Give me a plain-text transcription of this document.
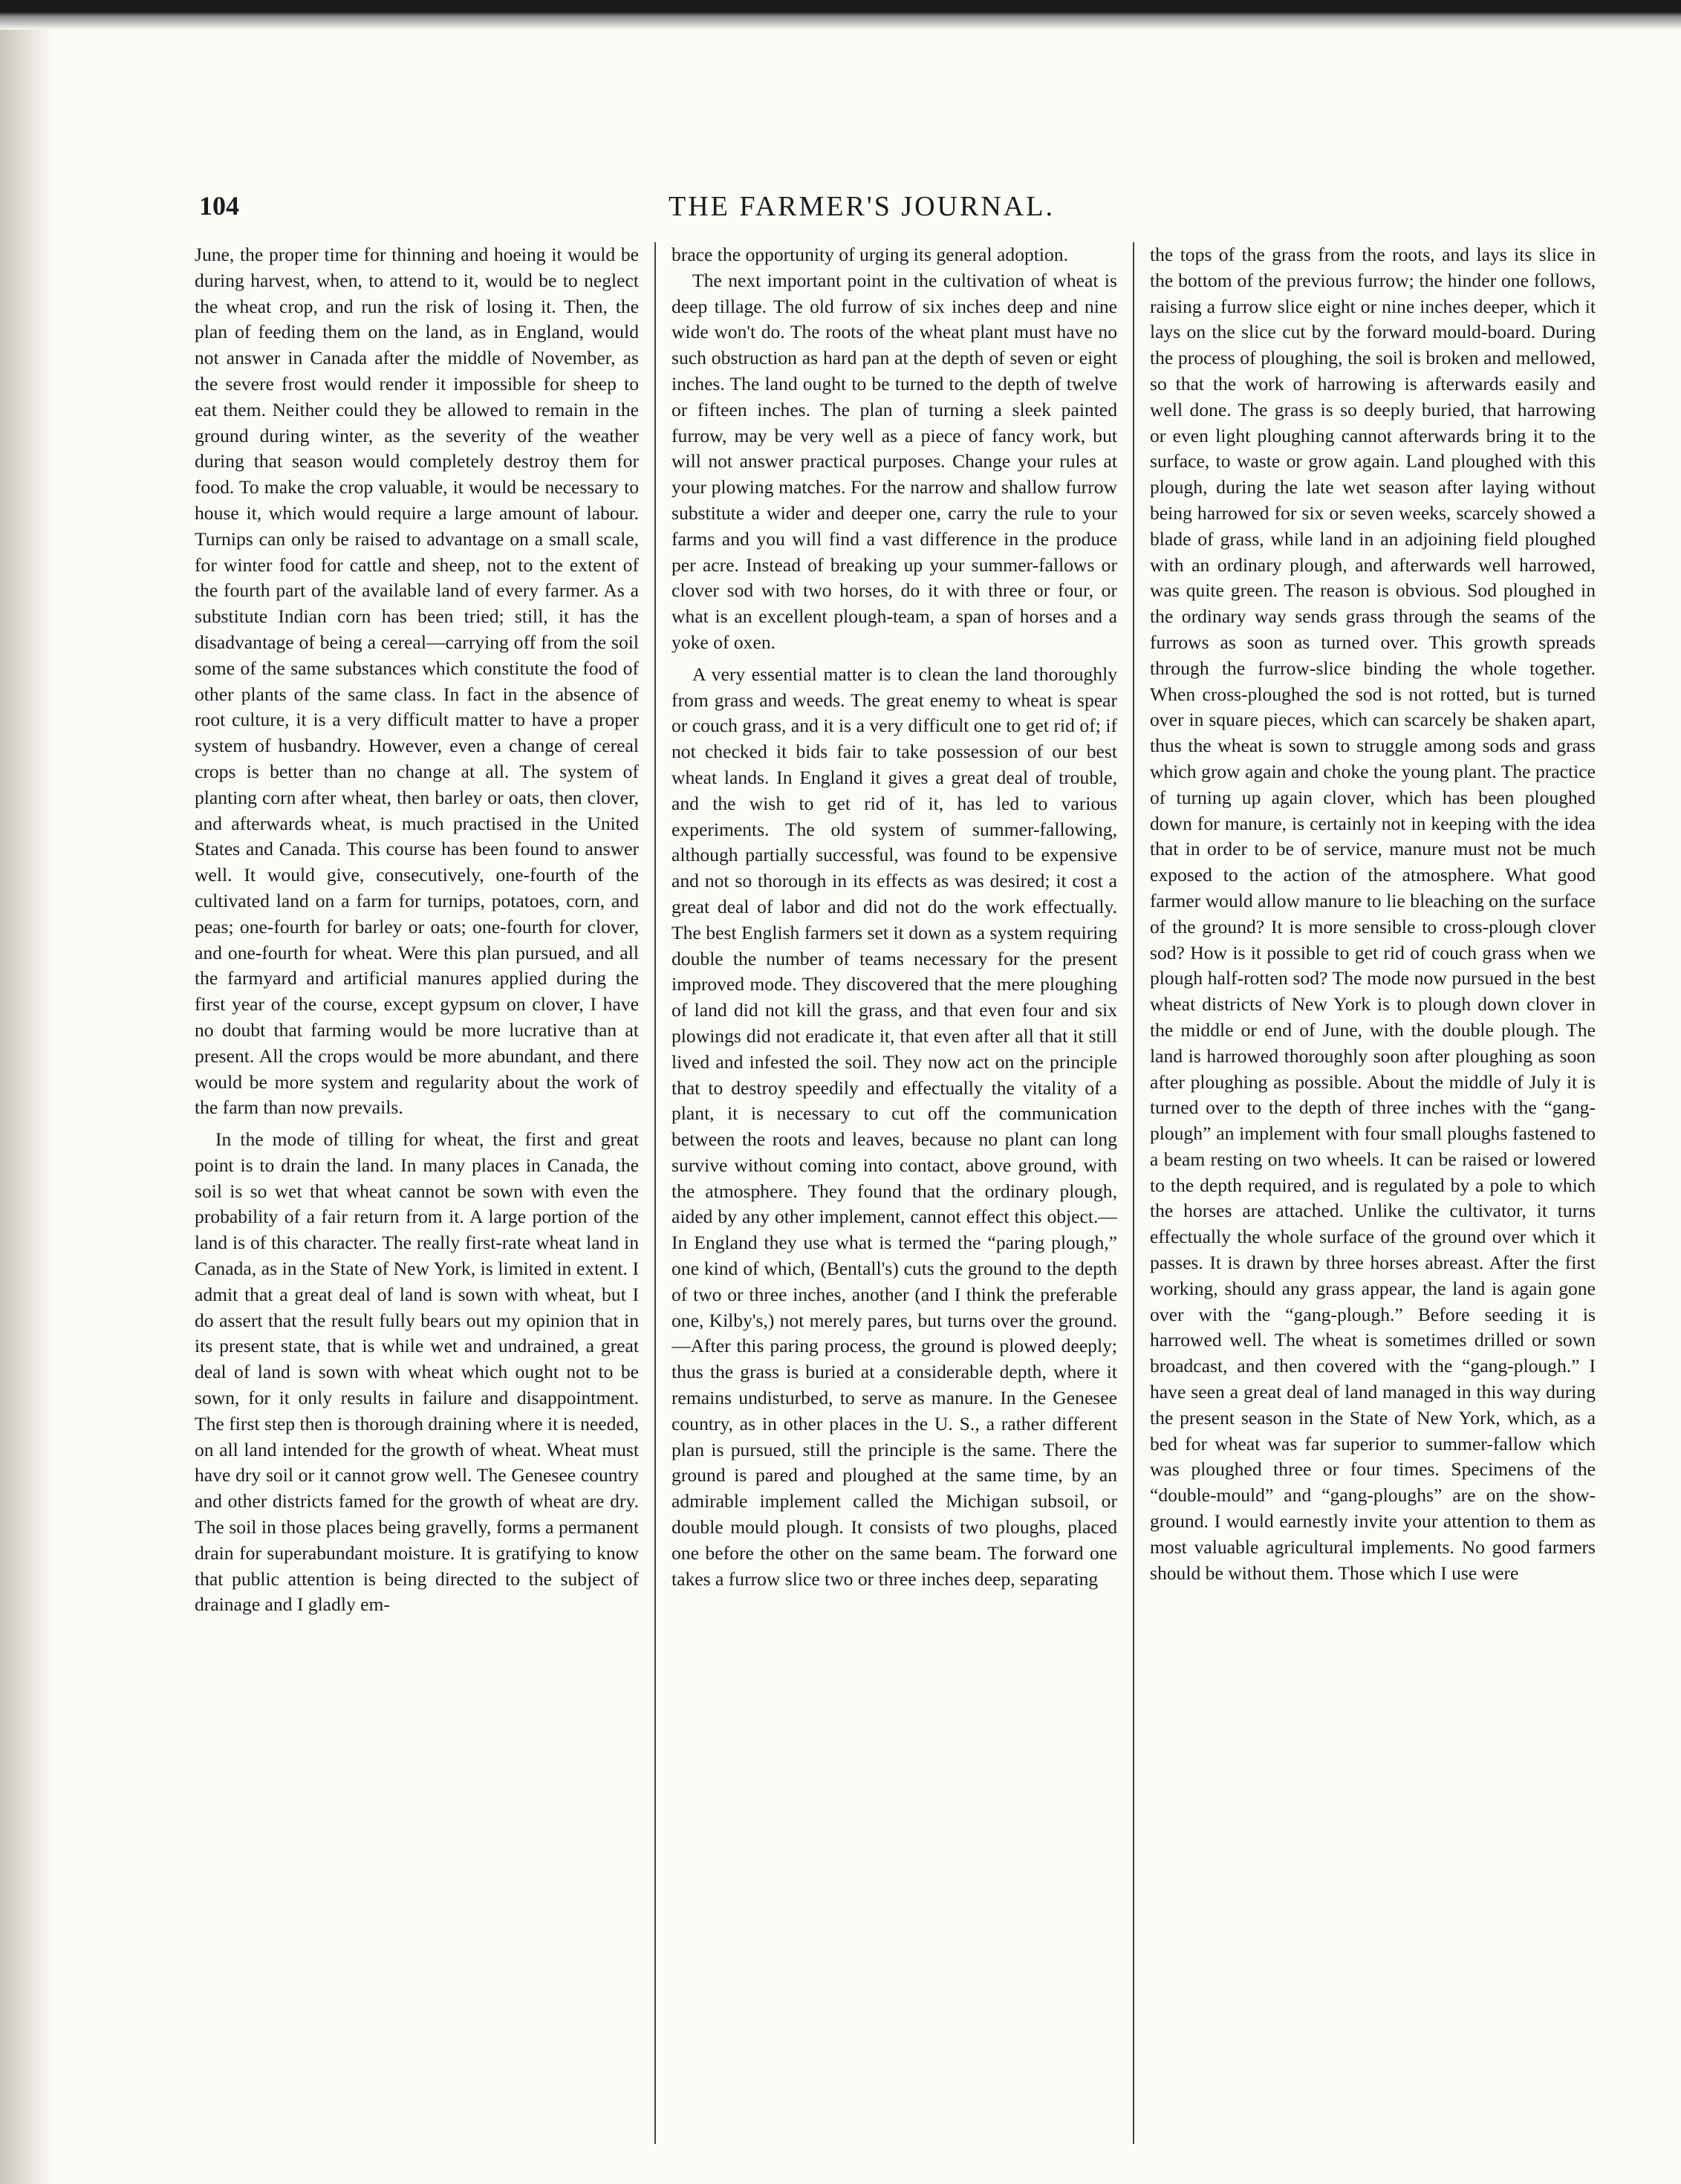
104	THE FARMER'S JOURNAL.

June, the proper time for thinning and hoeing it would be during harvest, when, to attend to it, would be to neglect the wheat crop, and run the risk of losing it. Then, the plan of feeding them on the land, as in England, would not answer in Canada after the middle of November, as the severe frost would render it impossible for sheep to eat them. Neither could they be allowed to remain in the ground during winter, as the severity of the weather during that season would completely destroy them for food. To make the crop valuable, it would be necessary to house it, which would require a large amount of labour. Turnips can only be raised to advantage on a small scale, for winter food for cattle and sheep, not to the extent of the fourth part of the available land of every farmer. As a substitute Indian corn has been tried; still, it has the disadvantage of being a cereal—carrying off from the soil some of the same substances which constitute the food of other plants of the same class. In fact in the absence of root culture, it is a very difficult matter to have a proper system of husbandry. However, even a change of cereal crops is better than no change at all. The system of planting corn after wheat, then barley or oats, then clover, and afterwards wheat, is much practised in the United States and Canada. This course has been found to answer well. It would give, consecutively, one-fourth of the cultivated land on a farm for turnips, potatoes, corn, and peas; one-fourth for barley or oats; one-fourth for clover, and one-fourth for wheat. Were this plan pursued, and all the farmyard and artificial manures applied during the first year of the course, except gypsum on clover, I have no doubt that farming would be more lucrative than at present. All the crops would be more abundant, and there would be more system and regularity about the work of the farm than now prevails.

In the mode of tilling for wheat, the first and great point is to drain the land. In many places in Canada, the soil is so wet that wheat cannot be sown with even the probability of a fair return from it. A large portion of the land is of this character. The really first-rate wheat land in Canada, as in the State of New York, is limited in extent. I admit that a great deal of land is sown with wheat, but I do assert that the result fully bears out my opinion that in its present state, that is while wet and undrained, a great deal of land is sown with wheat which ought not to be sown, for it only results in failure and disappointment. The first step then is thorough draining where it is needed, on all land intended for the growth of wheat. Wheat must have dry soil or it cannot grow well. The Genesee country and other districts famed for the growth of wheat are dry. The soil in those places being gravelly, forms a permanent drain for superabundant moisture. It is gratifying to know that public attention is being directed to the subject of drainage and I gladly em-

brace the opportunity of urging its general adoption.

The next important point in the cultivation of wheat is deep tillage. The old furrow of six inches deep and nine wide won't do. The roots of the wheat plant must have no such obstruction as hard pan at the depth of seven or eight inches. The land ought to be turned to the depth of twelve or fifteen inches. The plan of turning a sleek painted furrow, may be very well as a piece of fancy work, but will not answer practical purposes. Change your rules at your plowing matches. For the narrow and shallow furrow substitute a wider and deeper one, carry the rule to your farms and you will find a vast difference in the produce per acre. Instead of breaking up your summer-fallows or clover sod with two horses, do it with three or four, or what is an excellent plough-team, a span of horses and a yoke of oxen.

A very essential matter is to clean the land thoroughly from grass and weeds. The great enemy to wheat is spear or couch grass, and it is a very difficult one to get rid of; if not checked it bids fair to take possession of our best wheat lands. In England it gives a great deal of trouble, and the wish to get rid of it, has led to various experiments. The old system of summer-fallowing, although partially successful, was found to be expensive and not so thorough in its effects as was desired; it cost a great deal of labor and did not do the work effectually. The best English farmers set it down as a system requiring double the number of teams necessary for the present improved mode. They discovered that the mere ploughing of land did not kill the grass, and that even four and six plowings did not eradicate it, that even after all that it still lived and infested the soil. They now act on the principle that to destroy speedily and effectually the vitality of a plant, it is necessary to cut off the communication between the roots and leaves, because no plant can long survive without coming into contact, above ground, with the atmosphere. They found that the ordinary plough, aided by any other implement, cannot effect this object.—In England they use what is termed the “paring plough,” one kind of which, (Bentall's) cuts the ground to the depth of two or three inches, another (and I think the preferable one, Kilby's,) not merely pares, but turns over the ground.—After this paring process, the ground is plowed deeply; thus the grass is buried at a considerable depth, where it remains undisturbed, to serve as manure. In the Genesee country, as in other places in the U. S., a rather different plan is pursued, still the principle is the same. There the ground is pared and ploughed at the same time, by an admirable implement called the Michigan subsoil, or double mould plough. It consists of two ploughs, placed one before the other on the same beam. The forward one takes a furrow slice two or three inches deep, separating

the tops of the grass from the roots, and lays its slice in the bottom of the previous furrow; the hinder one follows, raising a furrow slice eight or nine inches deeper, which it lays on the slice cut by the forward mould-board. During the process of ploughing, the soil is broken and mellowed, so that the work of harrowing is afterwards easily and well done. The grass is so deeply buried, that harrowing or even light ploughing cannot afterwards bring it to the surface, to waste or grow again. Land ploughed with this plough, during the late wet season after laying without being harrowed for six or seven weeks, scarcely showed a blade of grass, while land in an adjoining field ploughed with an ordinary plough, and afterwards well harrowed, was quite green. The reason is obvious. Sod ploughed in the ordinary way sends grass through the seams of the furrows as soon as turned over. This growth spreads through the furrow-slice binding the whole together. When cross-ploughed the sod is not rotted, but is turned over in square pieces, which can scarcely be shaken apart, thus the wheat is sown to struggle among sods and grass which grow again and choke the young plant. The practice of turning up again clover, which has been ploughed down for manure, is certainly not in keeping with the idea that in order to be of service, manure must not be much exposed to the action of the atmosphere. What good farmer would allow manure to lie bleaching on the surface of the ground? It is more sensible to cross-plough clover sod? How is it possible to get rid of couch grass when we plough half-rotten sod? The mode now pursued in the best wheat districts of New York is to plough down clover in the middle or end of June, with the double plough. The land is harrowed thoroughly soon after ploughing as soon after ploughing as possible. About the middle of July it is turned over to the depth of three inches with the “gang-plough” an implement with four small ploughs fastened to a beam resting on two wheels. It can be raised or lowered to the depth required, and is regulated by a pole to which the horses are attached. Unlike the cultivator, it turns effectually the whole surface of the ground over which it passes. It is drawn by three horses abreast. After the first working, should any grass appear, the land is again gone over with the “gang-plough.” Before seeding it is harrowed well. The wheat is sometimes drilled or sown broadcast, and then covered with the “gang-plough.” I have seen a great deal of land managed in this way during the present season in the State of New York, which, as a bed for wheat was far superior to summer-fallow which was ploughed three or four times. Specimens of the “double-mould” and “gang-ploughs” are on the show-ground. I would earnestly invite your attention to them as most valuable agricultural implements. No good farmers should be without them. Those which I use were
